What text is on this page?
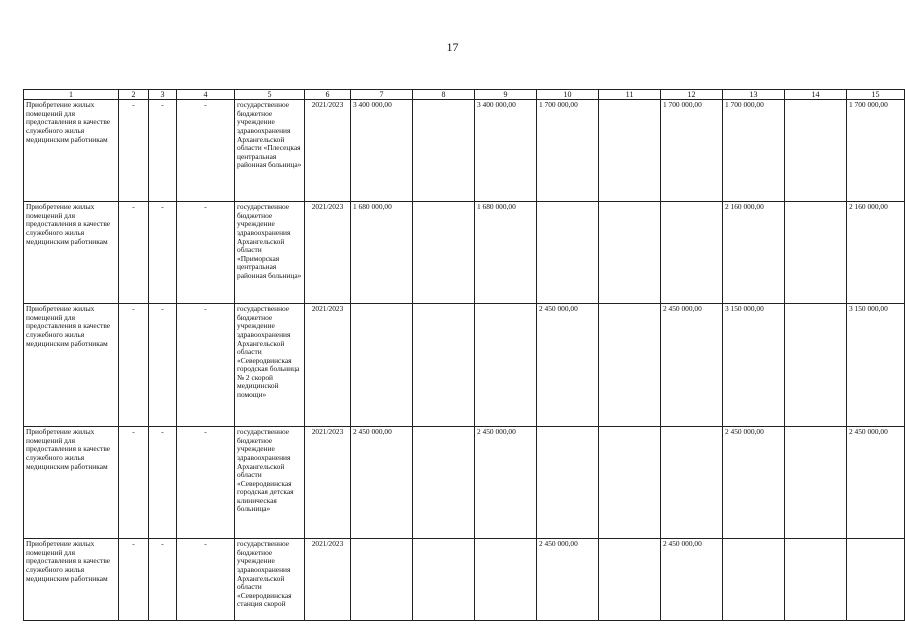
17
1	2	3	4	5	6	7	8	9	10	11	12	13	14	15
Приобретение жилых помещений для предоставления в качестве служебного жилья медицинским работникам	-	-	-	государственное бюджетное учреждение здравоохранения Архангельской области «Плесецкая центральная районная больница»	2021/2023	3 400 000,00		3 400 000,00	1 700 000,00		1 700 000,00	1 700 000,00		1 700 000,00
Приобретение жилых помещений для предоставления в качестве служебного жилья медицинским работникам	-	-	-	государственное бюджетное учреждение здравоохранения Архангельской области «Приморская центральная районная больница»	2021/2023	1 680 000,00		1 680 000,00				2 160 000,00		2 160 000,00
Приобретение жилых помещений для предоставления в качестве служебного жилья медицинским работникам	-	-	-	государственное бюджетное учреждение здравоохранения Архангельской области «Северодвинская городская больница № 2 скорой медицинской помощи»	2021/2023				2 450 000,00		2 450 000,00	3 150 000,00		3 150 000,00
Приобретение жилых помещений для предоставления в качестве служебного жилья медицинским работникам	-	-	-	государственное бюджетное учреждение здравоохранения Архангельской области «Северодвинская городская детская клиническая больница»	2021/2023	2 450 000,00		2 450 000,00				2 450 000,00		2 450 000,00
Приобретение жилых помещений для предоставления в качестве служебного жилья медицинским работникам	-	-	-	государственное бюджетное учреждение здравоохранения Архангельской области «Северодвинская станция скорой	2021/2023				2 450 000,00		2 450 000,00			
